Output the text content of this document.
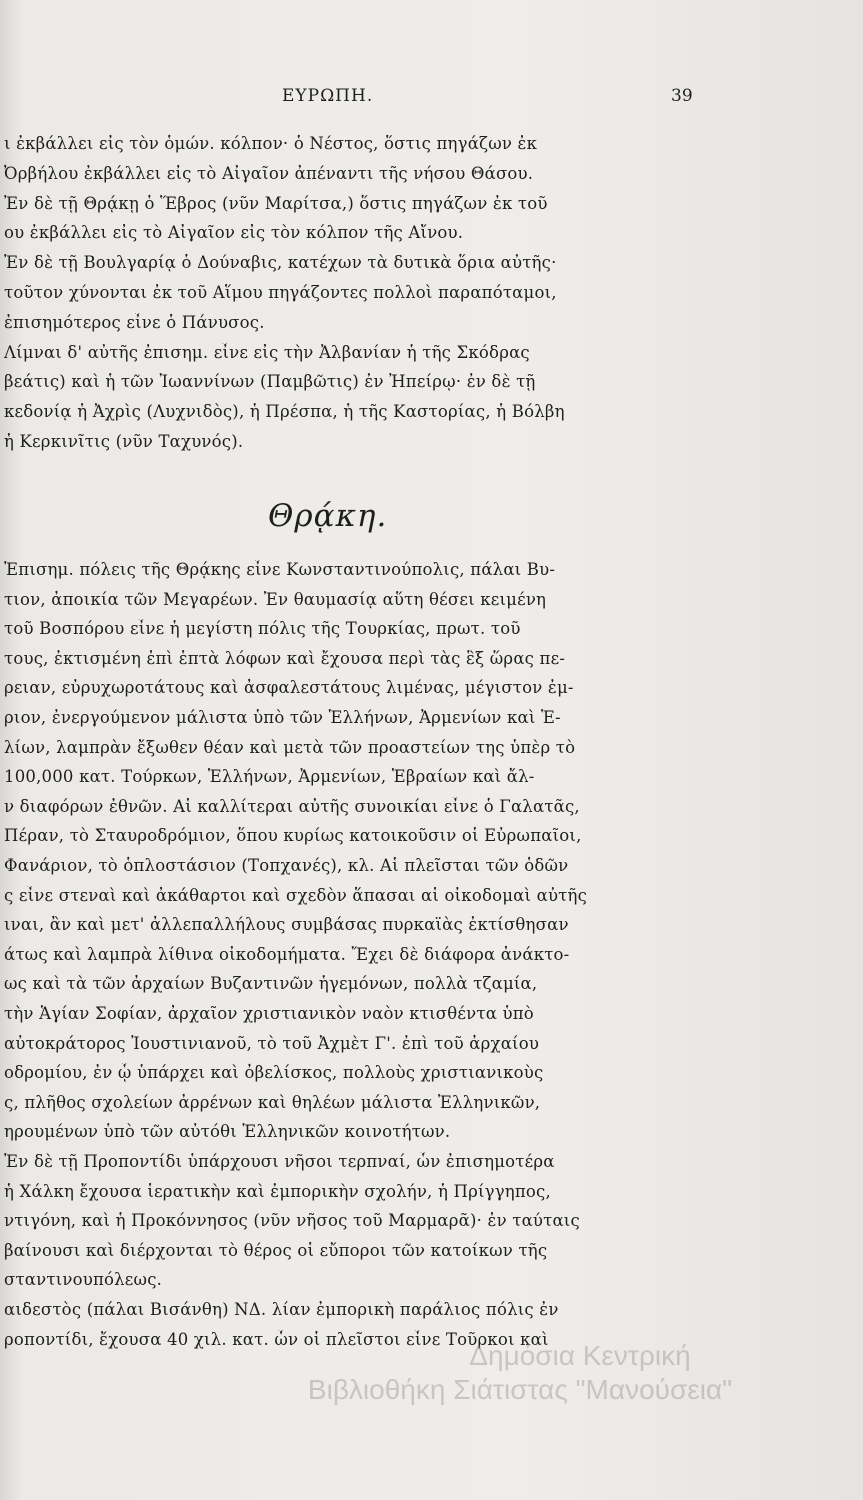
ΕΥΡΩΠΗ.	39
ι ἐκβάλλει εἰς τὸν ὁμών. κόλπον· ὁ Νέστος, ὅστις πηγάζων ἐκ
Ὀρβήλου ἐκβάλλει εἰς τὸ Αἰγαῖον ἀπέναντι τῆς νήσου Θάσου.
Ἐν δὲ τῇ Θρᾴκῃ ὁ Ἕβρος (νῦν Μαρίτσα,) ὅστις πηγάζων ἐκ τοῦ
ου ἐκβάλλει εἰς τὸ Αἰγαῖον εἰς τὸν κόλπον τῆς Αἴνου.
Ἐν δὲ τῇ Βουλγαρίᾳ ὁ Δούναβις, κατέχων τὰ δυτικὰ ὅρια αὐτῆς·
τοῦτον χύνονται ἐκ τοῦ Αἵμου πηγάζοντες πολλοὶ παραπόταμοι,
ἐπισημότερος εἶνε ὁ Πάνυσος.
Λίμναι δ' αὐτῆς ἐπισημ. εἶνε εἰς τὴν Ἀλβανίαν ἡ τῆς Σκόδρας
βεάτις) καὶ ἡ τῶν Ἰωαννίνων (Παμβῶτις) ἐν Ἠπείρῳ· ἐν δὲ τῇ
κεδονίᾳ ἡ Ἀχρὶς (Λυχνιδὸς), ἡ Πρέσπα, ἡ τῆς Καστορίας, ἡ Βόλβη
ἡ Κερκινῖτις (νῦν Ταχυνός).
Θρᾴκη.
Ἐπισημ. πόλεις τῆς Θρᾴκης εἶνε Κωνσταντινούπολις, πάλαι Βυ-
τιον, ἀποικία τῶν Μεγαρέων. Ἐν θαυμασίᾳ αὕτη θέσει κειμένη
τοῦ Βοσπόρου εἶνε ἡ μεγίστη πόλις τῆς Τουρκίας, πρωτ. τοῦ
τους, ἐκτισμένη ἐπὶ ἑπτὰ λόφων καὶ ἔχουσα περὶ τὰς ἓξ ὥρας πε-
ρειαν, εὐρυχωροτάτους καὶ ἀσφαλεστάτους λιμένας, μέγιστον ἐμ-
ριον, ἐνεργούμενον μάλιστα ὑπὸ τῶν Ἑλλήνων, Ἀρμενίων καὶ Ἑ-
λίων, λαμπρὰν ἔξωθεν θέαν καὶ μετὰ τῶν προαστείων της ὑπὲρ τὸ
100,000 κατ. Τούρκων, Ἑλλήνων, Ἀρμενίων, Ἑβραίων καὶ ἄλ-
ν διαφόρων ἐθνῶν. Αἱ καλλίτεραι αὐτῆς συνοικίαι εἶνε ὁ Γαλατᾶς,
Πέραν, τὸ Σταυροδρόμιον, ὅπου κυρίως κατοικοῦσιν οἱ Εὐρωπαῖοι,
Φανάριον, τὸ ὁπλοστάσιον (Τοπχανές), κλ. Αἱ πλεῖσται τῶν ὁδῶν
ς εἶνε στεναὶ καὶ ἀκάθαρτοι καὶ σχεδὸν ἅπασαι αἱ οἰκοδομαὶ αὐτῆς
ιναι, ἂν καὶ μετ' ἀλλεπαλλήλους συμβάσας πυρκαϊὰς ἐκτίσθησαν
άτως καὶ λαμπρὰ λίθινα οἰκοδομήματα. Ἔχει δὲ διάφορα ἀνάκτο-
ως καὶ τὰ τῶν ἀρχαίων Βυζαντινῶν ἡγεμόνων, πολλὰ τζαμία,
τὴν Ἁγίαν Σοφίαν, ἀρχαῖον χριστιανικὸν ναὸν κτισθέντα ὑπὸ
αὐτοκράτορος Ἰουστινιανοῦ, τὸ τοῦ Ἀχμὲτ Γ'. ἐπὶ τοῦ ἀρχαίου
οδρομίου, ἐν ᾧ ὑπάρχει καὶ ὀβελίσκος, πολλοὺς χριστιανικοὺς
ς, πλῆθος σχολείων ἀρρένων καὶ θηλέων μάλιστα Ἑλληνικῶν,
ηρουμένων ὑπὸ τῶν αὐτόθι Ἑλληνικῶν κοινοτήτων.
Ἐν δὲ τῇ Προποντίδι ὑπάρχουσι νῆσοι τερπναί, ὧν ἐπισημοτέρα
ἡ Χάλκη ἔχουσα ἱερατικὴν καὶ ἐμπορικὴν σχολήν, ἡ Πρίγγηπος,
ντιγόνη, καὶ ἡ Προκόννησος (νῦν νῆσος τοῦ Μαρμαρᾶ)· ἐν ταύταις
βαίνουσι καὶ διέρχονται τὸ θέρος οἱ εὔποροι τῶν κατοίκων τῆς
σταντινουπόλεως.
αιδεστὸς (πάλαι Βισάνθη) ΝΔ. λίαν ἐμπορικὴ παράλιος πόλις ἐν
ροποντίδι, ἔχουσα 40 χιλ. κατ. ὧν οἱ πλεῖστοι εἶνε Τοῦρκοι καὶ
Δημόσια Κεντρική
Βιβλιοθήκη Σιάτιστας "Μανούσεια"
